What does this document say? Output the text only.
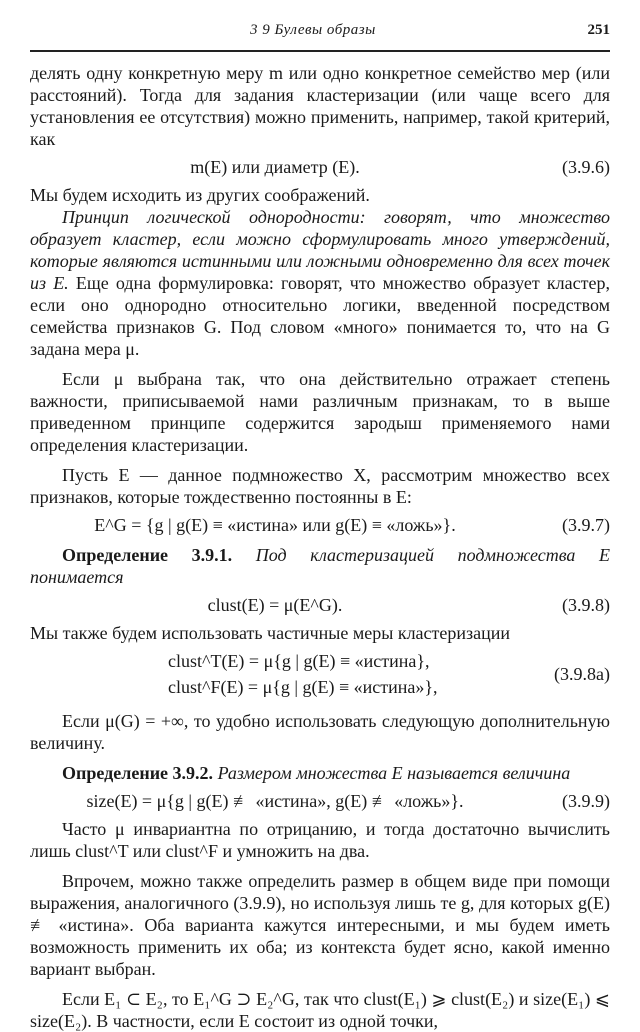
3 9 Булевы образы	251

делять одну конкретную меру m или одно конкретное семейство мер (или расстояний). Тогда для задания кластеризации (или чаще всего для установления ее отсутствия) можно применить, например, такой критерий, как

m(E) или диаметр (E).	(3.9.6)

Мы будем исходить из других соображений.

Принцип логической однородности: говорят, что множество образует кластер, если можно сформулировать много утверждений, которые являются истинными или ложными одновременно для всех точек из E. Еще одна формулировка: говорят, что множество образует кластер, если оно однородно относительно логики, введенной посредством семейства признаков G. Под словом «много» понимается то, что на G задана мера μ.

Если μ выбрана так, что она действительно отражает степень важности, приписываемой нами различным признакам, то в выше приведенном принципе содержится зародыш применяемого нами определения кластеризации.

Пусть E — данное подмножество X, рассмотрим множество всех признаков, которые тождественно постоянны в E:

E^G = {g | g(E) ≡ «истина» или g(E) ≡ «ложь»}.	(3.9.7)

Определение 3.9.1. Под кластеризацией подмножества E понимается

clust(E) = μ(E^G).	(3.9.8)

Мы также будем использовать частичные меры кластеризации

clust^T(E) = μ{g | g(E) ≡ «истина},
clust^F(E) = μ{g | g(E) ≡ «истина»},
(3.9.8a)

Если μ(G) = +∞, то удобно использовать следующую дополнительную величину.

Определение 3.9.2. Размером множества E называется величина

size(E) = μ{g | g(E) ≢ «истина», g(E) ≢ «ложь»}.	(3.9.9)

Часто μ инвариантна по отрицанию, и тогда достаточно вычислить лишь clust^T или clust^F и умножить на два.

Впрочем, можно также определить размер в общем виде при помощи выражения, аналогичного (3.9.9), но используя лишь те g, для которых g(E) ≢ «истина». Оба варианта кажутся интересными, и мы будем иметь возможность применить их оба; из контекста будет ясно, какой именно вариант выбран.

Если E₁ ⊂ E₂, то E₁^G ⊃ E₂^G, так что clust(E₁) ⩾ clust(E₂) и size(E₁) ⩽ size(E₂). В частности, если E состоит из одной точки,
